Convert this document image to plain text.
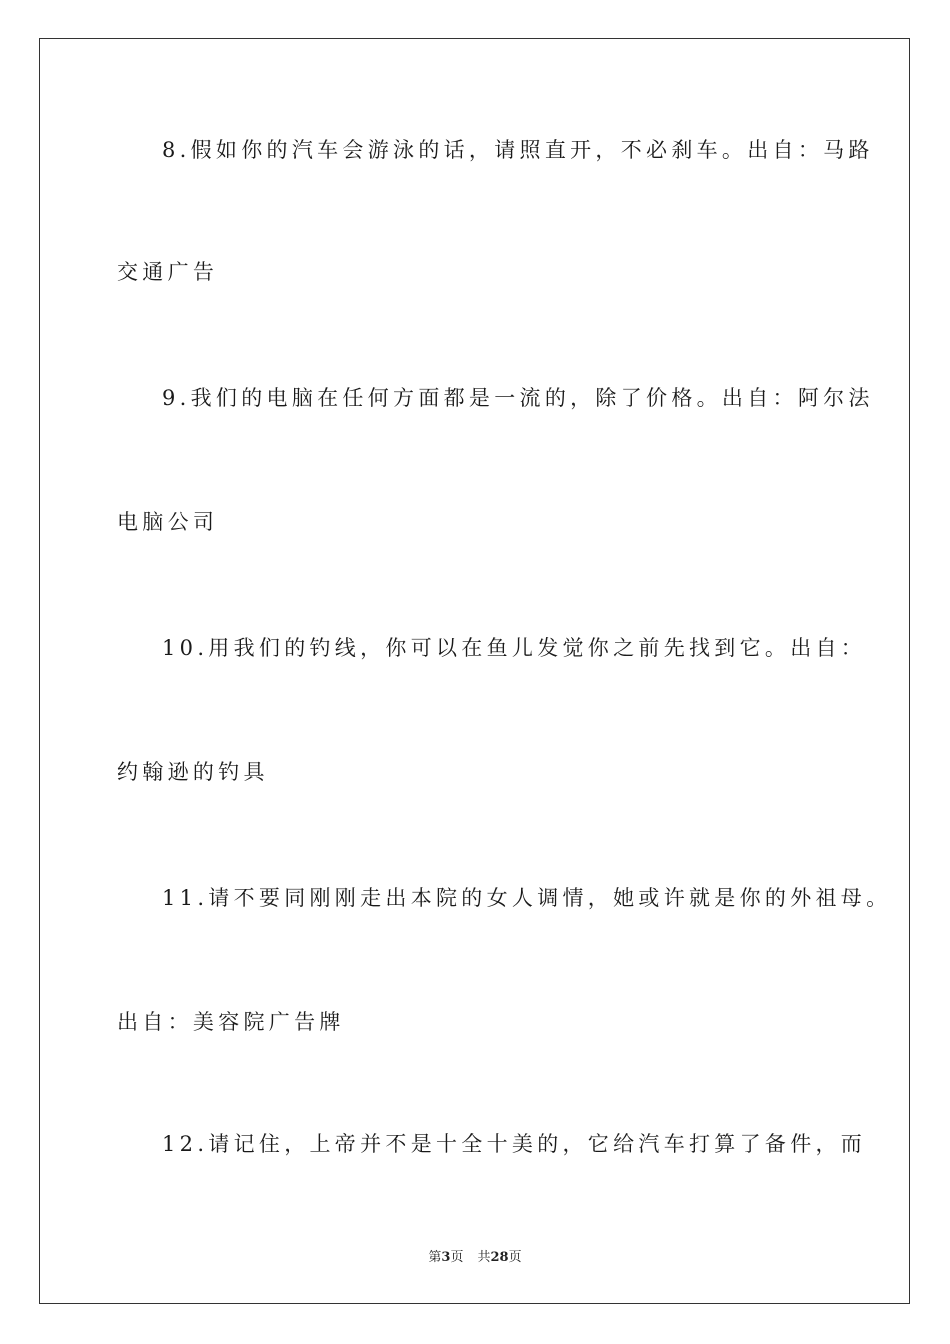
8.假如你的汽车会游泳的话，请照直开，不必刹车。出自：马路
交通广告
9.我们的电脑在任何方面都是一流的，除了价格。出自：阿尔法
电脑公司
10.用我们的钓线，你可以在鱼儿发觉你之前先找到它。出自：
约翰逊的钓具
11.请不要同刚刚走出本院的女人调情，她或许就是你的外祖母。
出自：美容院广告牌
12.请记住，上帝并不是十全十美的，它给汽车打算了备件，而
第3页 共28页
